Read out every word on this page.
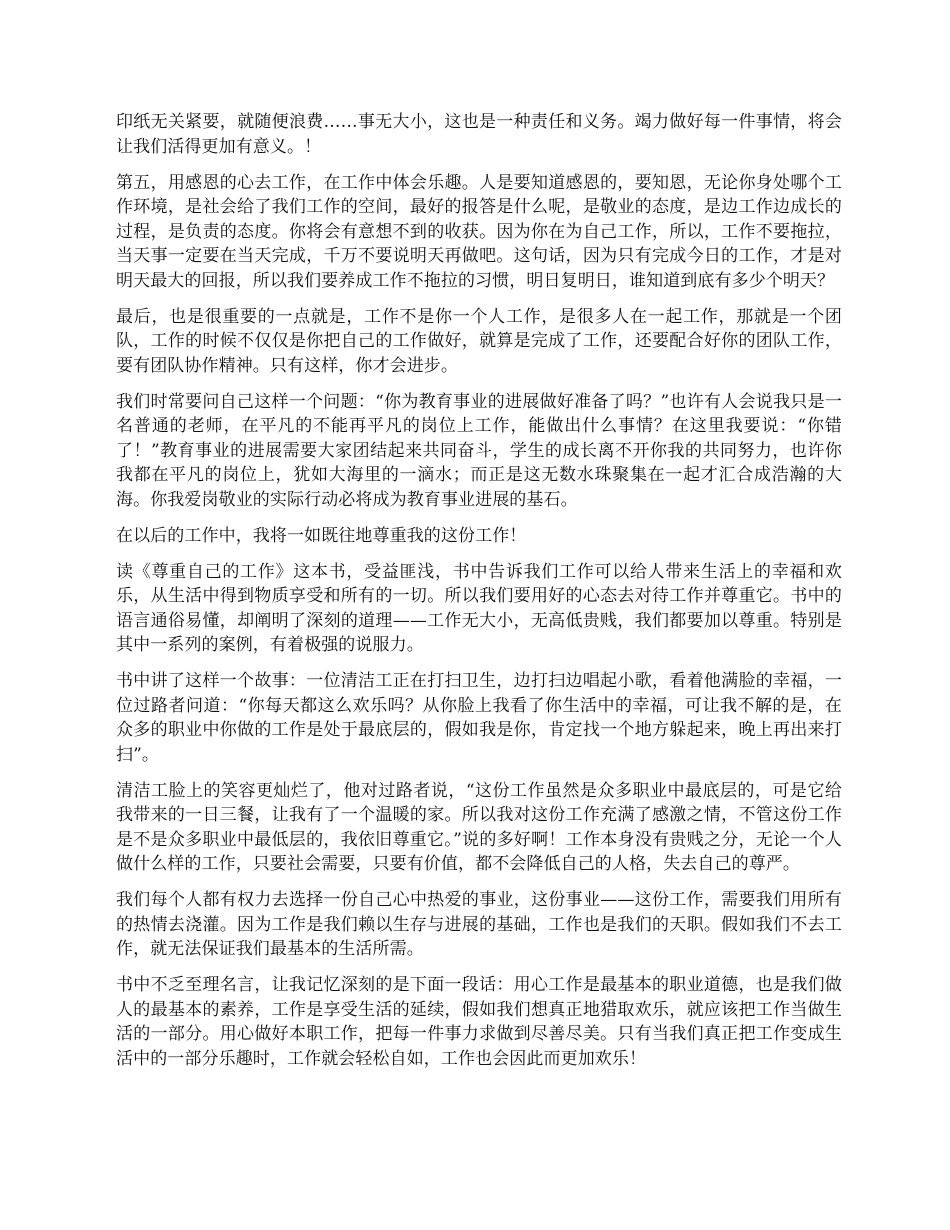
印纸无关紧要，就随便浪费……事无大小，这也是一种责任和义务。竭力做好每一件事情，将会让我们活得更加有意义。！

第五，用感恩的心去工作，在工作中体会乐趣。人是要知道感恩的，要知恩，无论你身处哪个工作环境，是社会给了我们工作的空间，最好的报答是什么呢，是敬业的态度，是边工作边成长的过程，是负责的态度。你将会有意想不到的收获。因为你在为自己工作，所以，工作不要拖拉，当天事一定要在当天完成，千万不要说明天再做吧。这句话，因为只有完成今日的工作，才是对明天最大的回报，所以我们要养成工作不拖拉的习惯，明日复明日，谁知道到底有多少个明天？

最后，也是很重要的一点就是，工作不是你一个人工作，是很多人在一起工作，那就是一个团队，工作的时候不仅仅是你把自己的工作做好，就算是完成了工作，还要配合好你的团队工作，要有团队协作精神。只有这样，你才会进步。

我们时常要问自己这样一个问题：“你为教育事业的进展做好准备了吗？”也许有人会说我只是一名普通的老师，在平凡的不能再平凡的岗位上工作，能做出什么事情？在这里我要说：“你错了！”教育事业的进展需要大家团结起来共同奋斗，学生的成长离不开你我的共同努力，也许你我都在平凡的岗位上，犹如大海里的一滴水；而正是这无数水珠聚集在一起才汇合成浩瀚的大海。你我爱岗敬业的实际行动必将成为教育事业进展的基石。

在以后的工作中，我将一如既往地尊重我的这份工作！

读《尊重自己的工作》这本书，受益匪浅，书中告诉我们工作可以给人带来生活上的幸福和欢乐，从生活中得到物质享受和所有的一切。所以我们要用好的心态去对待工作并尊重它。书中的语言通俗易懂，却阐明了深刻的道理——工作无大小，无高低贵贱，我们都要加以尊重。特别是其中一系列的案例，有着极强的说服力。

书中讲了这样一个故事：一位清洁工正在打扫卫生，边打扫边唱起小歌，看着他满脸的幸福，一位过路者问道：“你每天都这么欢乐吗？从你脸上我看了你生活中的幸福，可让我不解的是，在众多的职业中你做的工作是处于最底层的，假如我是你，肯定找一个地方躲起来，晚上再出来打扫”。

清洁工脸上的笑容更灿烂了，他对过路者说，“这份工作虽然是众多职业中最底层的，可是它给我带来的一日三餐，让我有了一个温暖的家。所以我对这份工作充满了感激之情，不管这份工作是不是众多职业中最低层的，我依旧尊重它。”说的多好啊！工作本身没有贵贱之分，无论一个人做什么样的工作，只要社会需要，只要有价值，都不会降低自己的人格，失去自己的尊严。

我们每个人都有权力去选择一份自己心中热爱的事业，这份事业——这份工作，需要我们用所有的热情去浇灌。因为工作是我们赖以生存与进展的基础，工作也是我们的天职。假如我们不去工作，就无法保证我们最基本的生活所需。

书中不乏至理名言，让我记忆深刻的是下面一段话：用心工作是最基本的职业道德，也是我们做人的最基本的素养，工作是享受生活的延续，假如我们想真正地猎取欢乐，就应该把工作当做生活的一部分。用心做好本职工作，把每一件事力求做到尽善尽美。只有当我们真正把工作变成生活中的一部分乐趣时，工作就会轻松自如，工作也会因此而更加欢乐！
